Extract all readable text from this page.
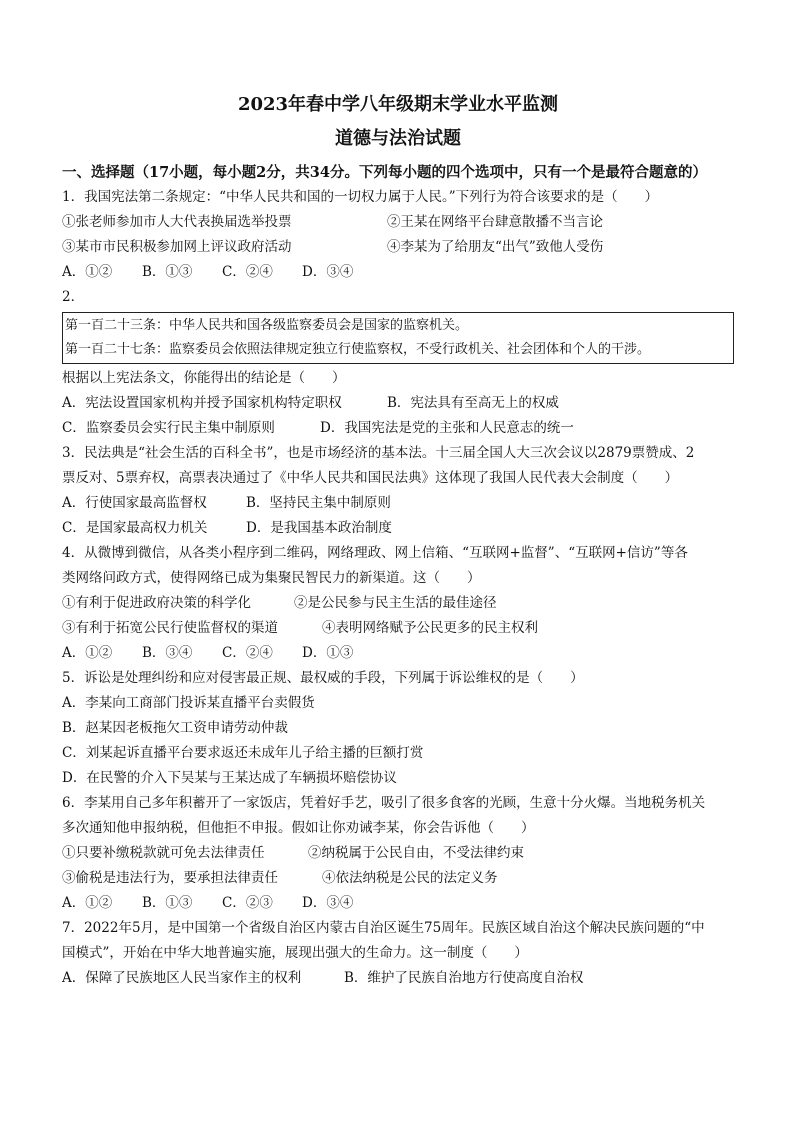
2023年春中学八年级期末学业水平监测
道德与法治试题

一、选择题（17小题，每小题2分，共34分。下列每小题的四个选项中，只有一个是最符合题意的）

1．我国宪法第二条规定：“中华人民共和国的一切权力属于人民。”下列行为符合该要求的是（　　）

①张老师参加市人大代表换届选举投票	②王某在网络平台肆意散播不当言论
③某市市民积极参加网上评议政府活动	④李某为了给朋友“出气”致他人受伤
A．①②	B．①③	C．②④	D．③④

2．

第一百二十三条：中华人民共和国各级监察委员会是国家的监察机关。

第一百二十七条：监察委员会依照法律规定独立行使监察权，不受行政机关、社会团体和个人的干涉。

根据以上宪法条文，你能得出的结论是（　　）

A．宪法设置国家机构并授予国家机构特定职权	B．宪法具有至高无上的权威
C．监察委员会实行民主集中制原则	D．我国宪法是党的主张和人民意志的统一

3．民法典是“社会生活的百科全书”，也是市场经济的基本法。十三届全国人大三次会议以2879票赞成、2

票反对、5票弃权，高票表决通过了《中华人民共和国民法典》这体现了我国人民代表大会制度（　　）

A．行使国家最高监督权	B．坚持民主集中制原则
C．是国家最高权力机关	D．是我国基本政治制度

4．从微博到微信，从各类小程序到二维码，网络理政、网上信箱、“互联网+监督”、“互联网+信访”等各

类网络问政方式，使得网络已成为集聚民智民力的新渠道。这（　　）

①有利于促进政府决策的科学化	②是公民参与民主生活的最佳途径
③有利于拓宽公民行使监督权的渠道	④表明网络赋予公民更多的民主权利
A．①②	B．③④	C．②④	D．①③

5．诉讼是处理纠纷和应对侵害最正规、最权威的手段，下列属于诉讼维权的是（　　）

A．李某向工商部门投诉某直播平台卖假货

B．赵某因老板拖欠工资申请劳动仲裁

C．刘某起诉直播平台要求返还未成年儿子给主播的巨额打赏

D．在民警的介入下吴某与王某达成了车辆损坏赔偿协议

6．李某用自己多年积蓄开了一家饭店，凭着好手艺，吸引了很多食客的光顾，生意十分火爆。当地税务机关

多次通知他申报纳税，但他拒不申报。假如让你劝诫李某，你会告诉他（　　）

①只要补缴税款就可免去法律责任	②纳税属于公民自由，不受法律约束
③偷税是违法行为，要承担法律责任	④依法纳税是公民的法定义务
A．①②	B．①③	C．②③	D．③④

7．2022年5月，是中国第一个省级自治区内蒙古自治区诞生75周年。民族区域自治这个解决民族问题的“中

国模式”，开始在中华大地普遍实施，展现出强大的生命力。这一制度（　　）

A．保障了民族地区人民当家作主的权利	B．维护了民族自治地方行使高度自治权
